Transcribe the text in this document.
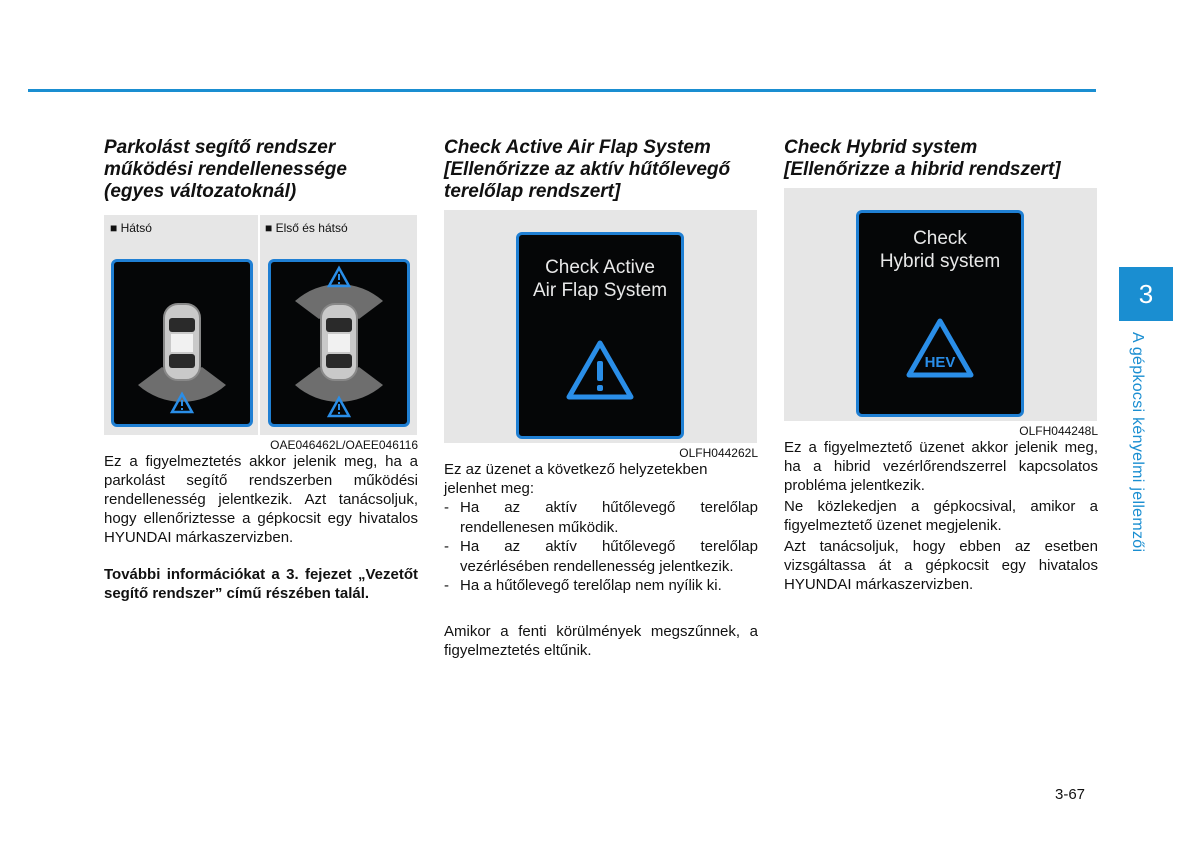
Parkolást segítő rendszer
működési rendellenessége
(egyes változatoknál)
■ Hátsó	■ Első és hátsó
OAE046462L/OAEE046116

Ez a figyelmeztetés akkor jelenik meg, ha a parkolást segítő rendszerben működési rendellenesség jelentkezik. Azt tanácsoljuk, hogy ellenőriztesse a gépkocsit egy hivatalos HYUNDAI márkaszervizben.

További információkat a 3. fejezet „Vezetőt segítő rendszer” című részében talál.

Check Active Air Flap System
[Ellenőrizze az aktív hűtőlevegő
terelőlap rendszert]
Check Active
Air Flap System
OLFH044262L

Ez az üzenet a következő helyzetekben jelenhet meg:

- Ha az aktív hűtőlevegő terelőlap rendellenesen működik.
- Ha az aktív hűtőlevegő terelőlap vezérlésében rendellenesség jelentkezik.
- Ha a hűtőlevegő terelőlap nem nyílik ki.

Amikor a fenti körülmények megszűnnek, a figyelmeztetés eltűnik.

Check Hybrid system
[Ellenőrizze a hibrid rendszert]
Check
Hybrid system
HEV
OLFH044248L

Ez a figyelmeztető üzenet akkor jelenik meg, ha a hibrid vezérlőrendszerrel kapcsolatos probléma jelentkezik.

Ne közlekedjen a gépkocsival, amikor a figyelmeztető üzenet megjelenik.

Azt tanácsoljuk, hogy ebben az esetben vizsgáltassa át a gépkocsit egy hivatalos HYUNDAI márkaszervizben.

3
A gépkocsi kényelmi jellemzői
3-67
